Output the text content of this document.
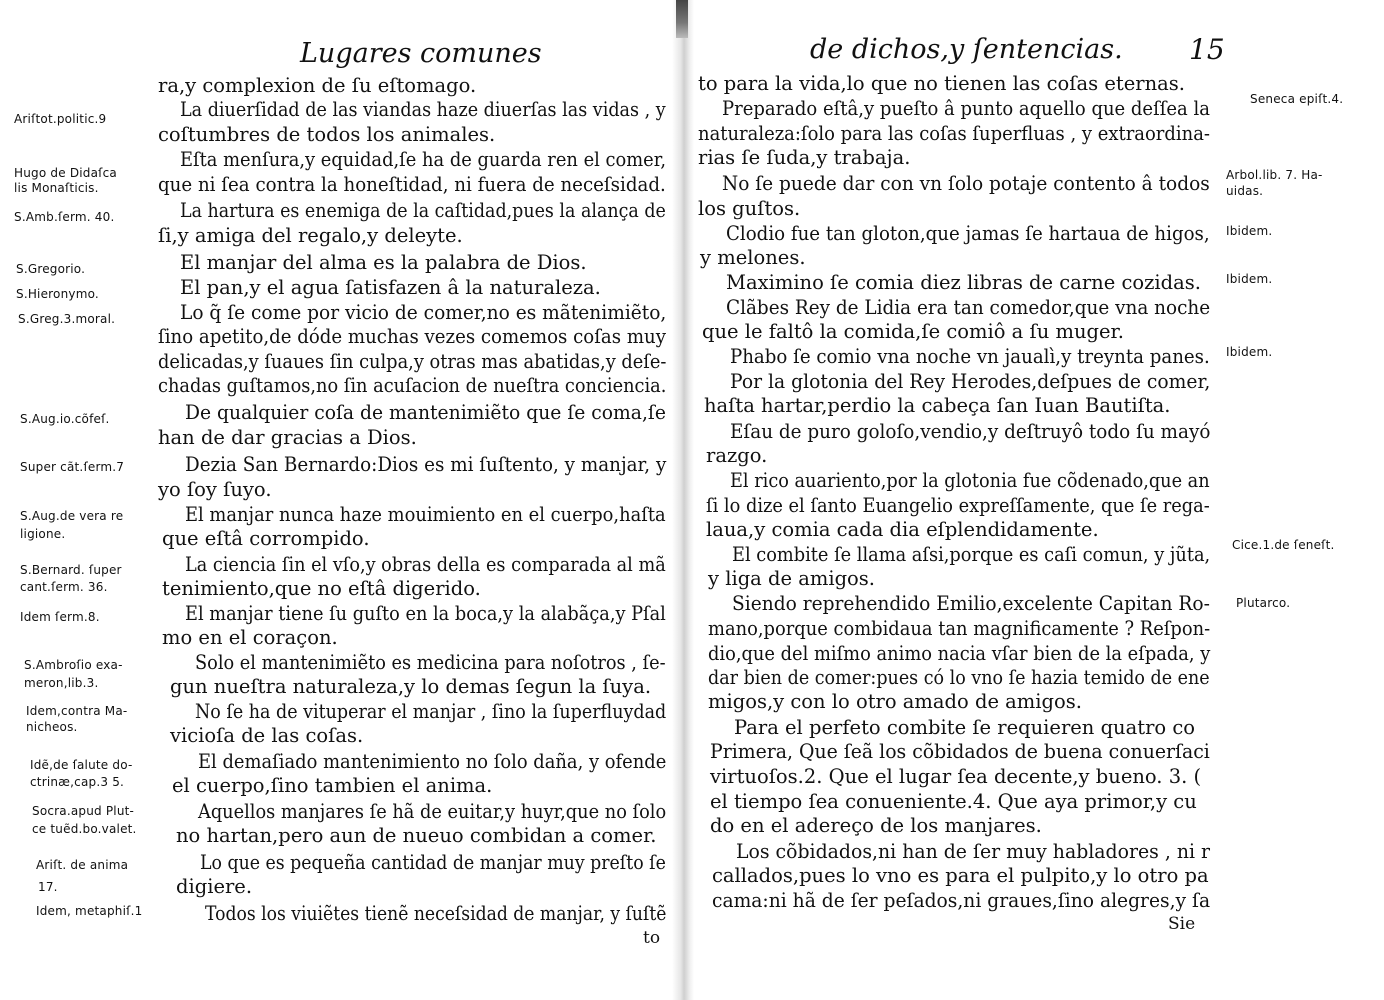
Lugares comunes
ra,y complexion de ſu eſtomago.
La diuerſidad de las viandas haze diuerſas las vidas , y
coſtumbres de todos los animales.
Eſta menſura,y equidad,ſe ha de guarda ren el comer,
que ni ſea contra la honeſtidad, ni fuera de neceſsidad.
La hartura es enemiga de la caſtidad,pues la alança de
ſi,y amiga del regalo,y deleyte.
El manjar del alma es la palabra de Dios.
El pan,y el agua ſatisfazen â la naturaleza.
Lo q̃ ſe come por vicio de comer,no es mãtenimiẽto,
ſino apetito,de dóde muchas vezes comemos coſas muy
delicadas,y ſuaues ſin culpa,y otras mas abatidas,y deſe-
chadas guſtamos,no ſin acuſacion de nueſtra conciencia.
De qualquier coſa de mantenimiẽto que ſe coma,ſe
han de dar gracias a Dios.
Dezia San Bernardo:Dios es mi ſuſtento, y manjar, y
yo ſoy ſuyo.
El manjar nunca haze mouimiento en el cuerpo,haſta
que eſtâ corrompido.
La ciencia ſin el vſo,y obras della es comparada al mã
tenimiento,que no eſtâ digerido.
El manjar tiene ſu guſto en la boca,y la alabãça,y Pſal
mo en el coraçon.
Solo el mantenimiẽto es medicina para noſotros , ſe-
gun nueſtra naturaleza,y lo demas ſegun la ſuya.
No ſe ha de vituperar el manjar , ſino la ſuperfluydad
vicioſa de las coſas.
El demaſiado mantenimiento no ſolo daña, y ofende
el cuerpo,ſino tambien el anima.
Aquellos manjares ſe hã de euitar,y huyr,que no ſolo
no hartan,pero aun de nueuo combidan a comer.
Lo que es pequeña cantidad de manjar muy preſto ſe
digiere.
Todos los viuiẽtes tienẽ neceſsidad de manjar, y ſuſtẽ
Ariſtot.politic.9
Hugo de Didaſca
lis Monaſticis.
S.Amb.ſerm. 40.
S.Gregorio.
S.Hieronymo.
S.Greg.3.moral.
S.Aug.io.cõfeſ.
Super cãt.ſerm.7
S.Aug.de vera re
ligione.
S.Bernard. ſuper
cant.ſerm. 36.
Idem ſerm.8.
S.Ambroſio exa-
meron,lib.3.
Idem,contra Ma-
nicheos.
Idẽ,de ſalute do-
ctrinæ,cap.3 5.
Socra.apud Plut-
ce tuẽd.bo.valet.
Ariſt. de anima
17.
Idem, metaphiſ.1
to
de dichos,y ſentencias. 15
to para la vida,lo que no tienen las coſas eternas.
Preparado eſtâ,y pueſto â punto aquello que deſſea la
naturaleza:ſolo para las coſas ſuperfluas , y extraordina-
rias ſe ſuda,y trabaja.
No ſe puede dar con vn ſolo potaje contento â todos
los guſtos.
Clodio fue tan gloton,que jamas ſe hartaua de higos,
y melones.
Maximino ſe comia diez libras de carne cozidas.
Clãbes Rey de Lidia era tan comedor,que vna noche
que le faltô la comida,ſe comiô a ſu muger.
Phabo ſe comio vna noche vn jaualì,y treynta panes.
Por la glotonia del Rey Herodes,deſpues de comer,
haſta hartar,perdio la cabeça ſan Iuan Bautiſta.
Eſau de puro goloſo,vendio,y deſtruyô todo ſu mayó
razgo.
El rico auariento,por la glotonia fue cõdenado,que an
ſi lo dize el ſanto Euangelio expreſſamente, que ſe rega-
laua,y comia cada dia eſplendidamente.
El combite ſe llama aſsi,porque es caſi comun, y jũta,
y liga de amigos.
Siendo reprehendido Emilio,excelente Capitan Ro-
mano,porque combidaua tan magnificamente ? Reſpon-
dio,que del miſmo animo nacia vſar bien de la eſpada, y
dar bien de comer:pues có lo vno ſe hazia temido de ene
migos,y con lo otro amado de amigos.
Para el perfeto combite ſe requieren quatro co
Primera, Que ſeã los cõbidados de buena conuerſaci
virtuoſos.2. Que el lugar ſea decente,y bueno. 3. (
el tiempo ſea conueniente.4. Que aya primor,y cu
do en el adereço de los manjares.
Los cõbidados,ni han de ſer muy habladores , ni r
callados,pues lo vno es para el pulpito,y lo otro pa
cama:ni hã de ſer peſados,ni graues,ſino alegres,y ſa
Seneca epiſt.4.
Arbol.lib. 7. Ha-
uidas.
Ibidem.
Ibidem.
Ibidem.
Cice.1.de ſeneſt.
Plutarco.
Sie
